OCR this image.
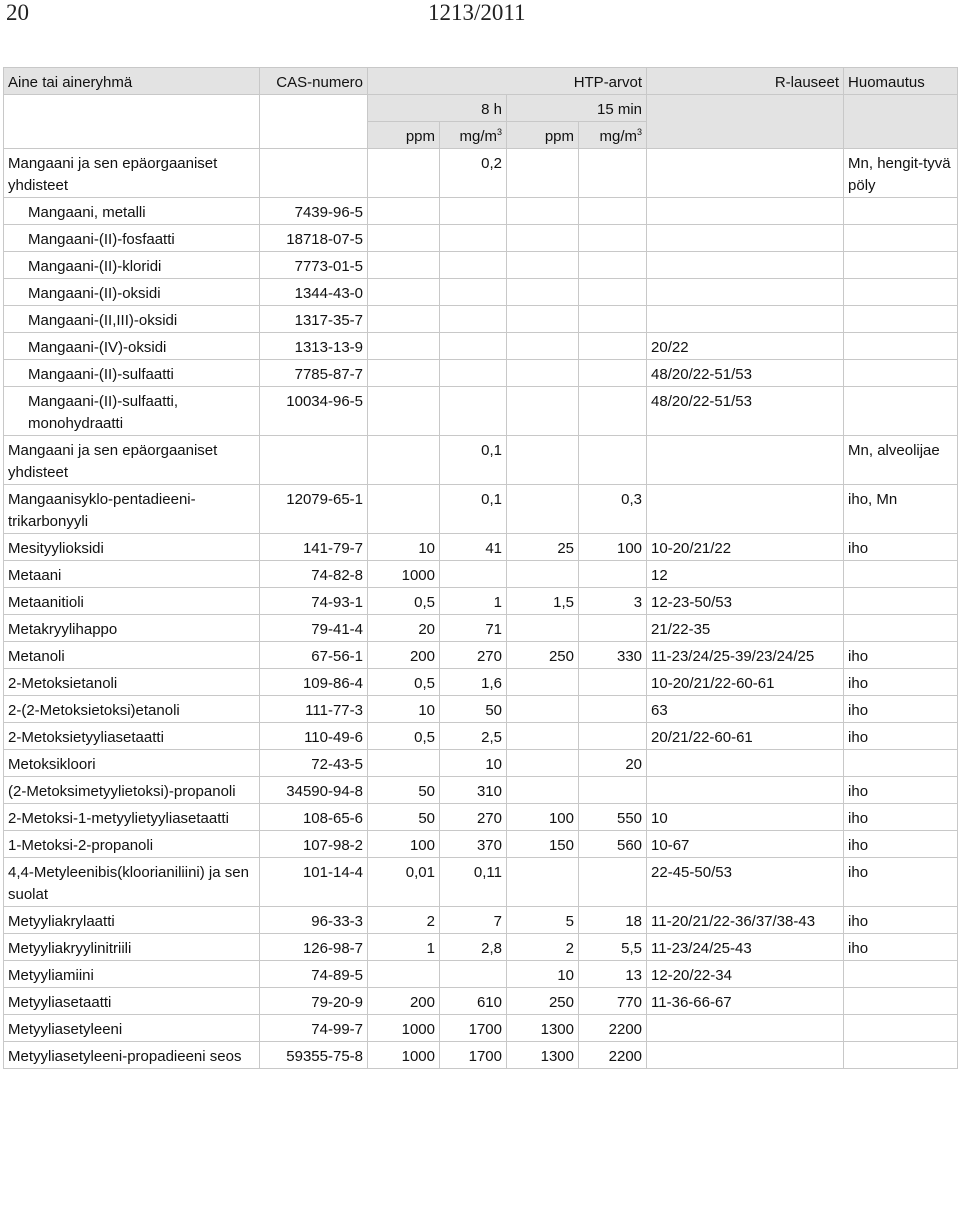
20	1213/2011
Aine tai aineryhmä	CAS-numero	HTP-arvot				R-lauseet	Huomautus
		8 h		15 min			
		ppm	$mg/m^3$	ppm	$mg/m^3$
Mangaani ja sen epäorgaaniset yhdisteet			0,2				Mn, hengit-tyvä pöly
Mangaani, metalli	7439-96-5						
Mangaani-(II)-fosfaatti	18718-07-5						
Mangaani-(II)-kloridi	7773-01-5						
Mangaani-(II)-oksidi	1344-43-0						
Mangaani-(II,III)-oksidi	1317-35-7						
Mangaani-(IV)-oksidi	1313-13-9					20/22	
Mangaani-(II)-sulfaatti	7785-87-7					48/20/22-51/53	
Mangaani-(II)-sulfaatti, monohydraatti	10034-96-5					48/20/22-51/53	
Mangaani ja sen epäorgaaniset yhdisteet			0,1				Mn, alveolijae
Mangaanisyklo-pentadieeni-trikarbonyyli	12079-65-1		0,1		0,3		iho, Mn
Mesityylioksidi	141-79-7	10	41	25	100	10-20/21/22	iho
Metaani	74-82-8	1000				12	
Metaanitioli	74-93-1	0,5	1	1,5	3	12-23-50/53	
Metakryylihappo	79-41-4	20	71			21/22-35	
Metanoli	67-56-1	200	270	250	330	11-23/24/25-39/23/24/25	iho
2-Metoksietanoli	109-86-4	0,5	1,6			10-20/21/22-60-61	iho
2-(2-Metoksietoksi)etanoli	111-77-3	10	50			63	iho
2-Metoksietyyliasetaatti	110-49-6	0,5	2,5			20/21/22-60-61	iho
Metoksikloori	72-43-5		10		20		
(2-Metoksimetyylietoksi)-propanoli	34590-94-8	50	310				iho
2-Metoksi-1-metyylietyyliasetaatti	108-65-6	50	270	100	550	10	iho
1-Metoksi-2-propanoli	107-98-2	100	370	150	560	10-67	iho
4,4-Metyleenibis(kloorianiliini) ja sen suolat	101-14-4	0,01	0,11			22-45-50/53	iho
Metyyliakrylaatti	96-33-3	2	7	5	18	11-20/21/22-36/37/38-43	iho
Metyyliakryylinitriili	126-98-7	1	2,8	2	5,5	11-23/24/25-43	iho
Metyyliamiini	74-89-5			10	13	12-20/22-34	
Metyyliasetaatti	79-20-9	200	610	250	770	11-36-66-67	
Metyyliasetyleeni	74-99-7	1000	1700	1300	2200		
Metyyliasetyleeni-propadieeni seos	59355-75-8	1000	1700	1300	2200		
